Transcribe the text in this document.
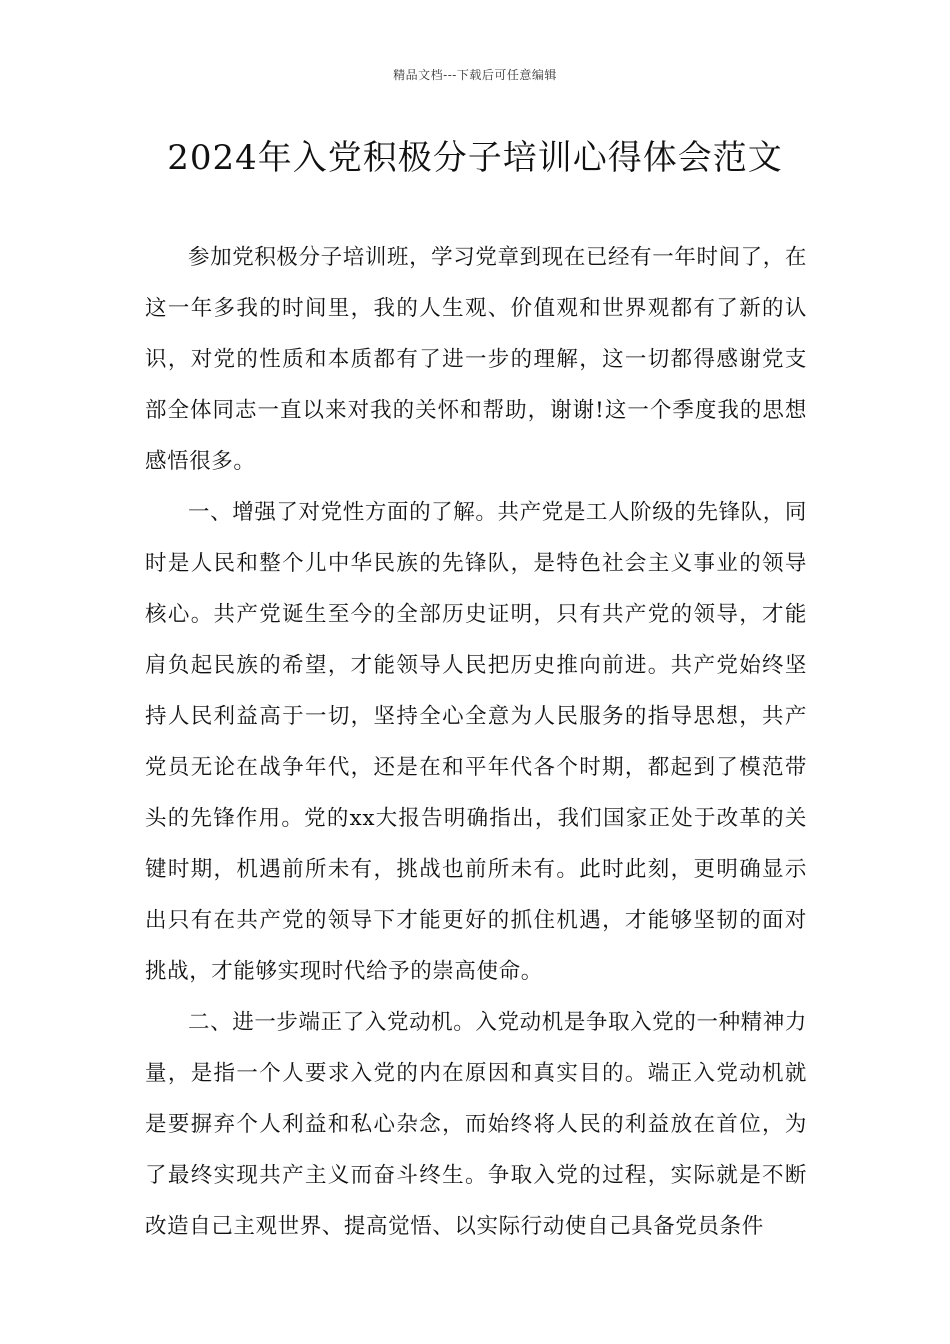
精品文档---下载后可任意编辑
2024年入党积极分子培训心得体会范文

参加党积极分子培训班，学习党章到现在已经有一年时间了，在这一年多我的时间里，我的人生观、价值观和世界观都有了新的认识，对党的性质和本质都有了进一步的理解，这一切都得感谢党支部全体同志一直以来对我的关怀和帮助，谢谢!这一个季度我的思想感悟很多。

一、增强了对党性方面的了解。共产党是工人阶级的先锋队，同时是人民和整个儿中华民族的先锋队，是特色社会主义事业的领导核心。共产党诞生至今的全部历史证明，只有共产党的领导，才能肩负起民族的希望，才能领导人民把历史推向前进。共产党始终坚持人民利益高于一切，坚持全心全意为人民服务的指导思想，共产党员无论在战争年代，还是在和平年代各个时期，都起到了模范带头的先锋作用。党的xx大报告明确指出，我们国家正处于改革的关键时期，机遇前所未有，挑战也前所未有。此时此刻，更明确显示出只有在共产党的领导下才能更好的抓住机遇，才能够坚韧的面对挑战，才能够实现时代给予的崇高使命。

二、进一步端正了入党动机。入党动机是争取入党的一种精神力量，是指一个人要求入党的内在原因和真实目的。端正入党动机就是要摒弃个人利益和私心杂念，而始终将人民的利益放在首位，为了最终实现共产主义而奋斗终生。争取入党的过程，实际就是不断改造自己主观世界、提高觉悟、以实际行动使自己具备党员条件
